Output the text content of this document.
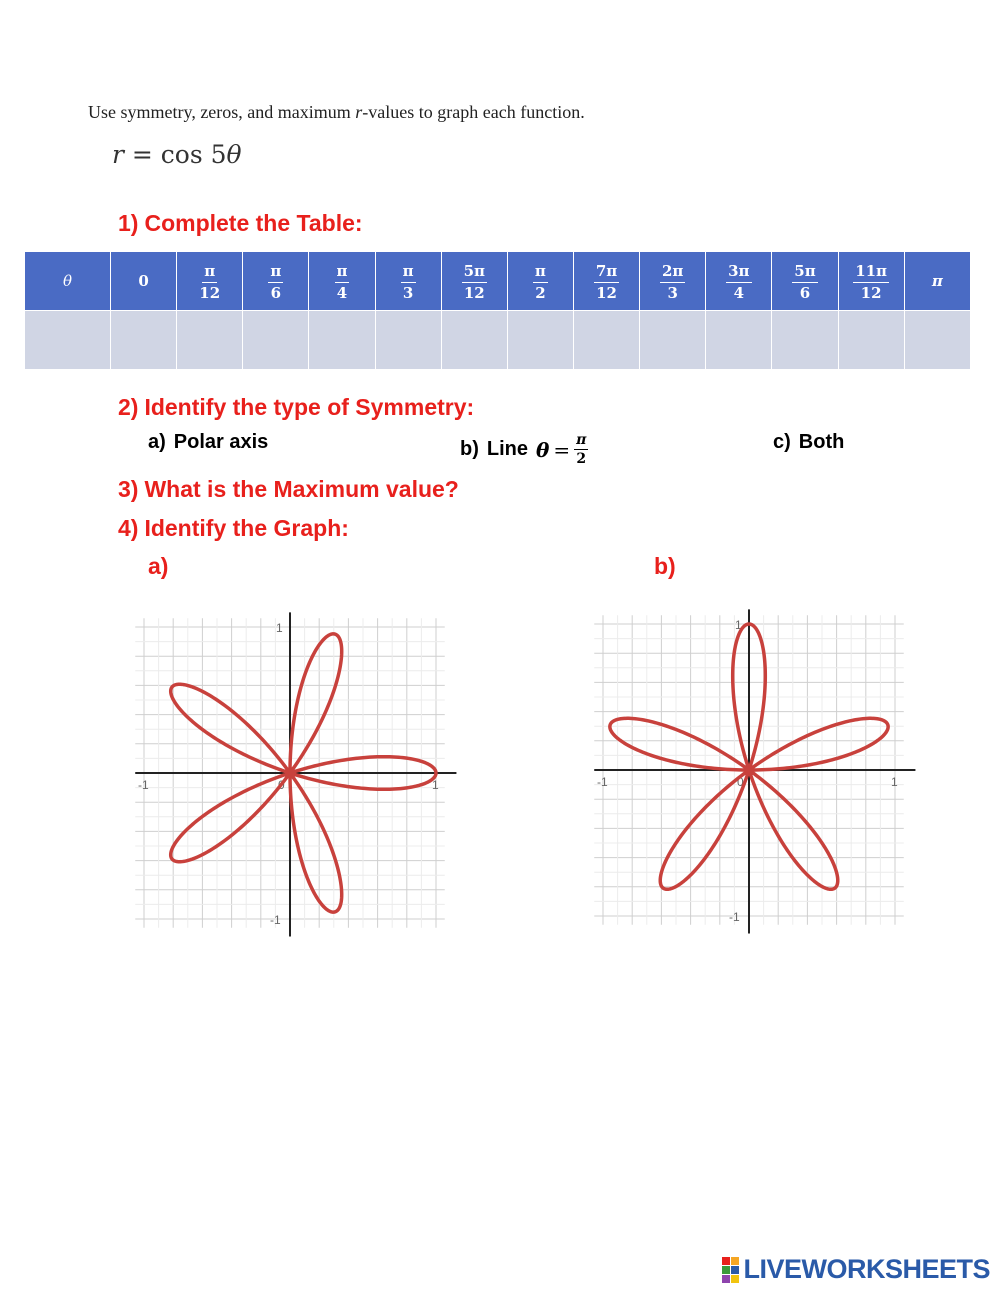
Use symmetry, zeros, and maximum r-values to graph each function.
r = cos 5θ
1) Complete the Table:
θ	0	$\frac{\pi}{12}$	$\frac{\pi}{6}$	$\frac{\pi}{4}$	$\frac{\pi}{3}$	$\frac{5\pi}{12}$	$\frac{\pi}{2}$	$\frac{7\pi}{12}$	$\frac{2\pi}{3}$	$\frac{3\pi}{4}$	$\frac{5\pi}{6}$	$\frac{11\pi}{12}$	π

2) Identify the type of Symmetry:
a) Polar axis	b) Line $\theta = \frac{\pi}{2}$	c) Both
3) What is the Maximum value?
4) Identify the Graph:
a)	b)
-1	0	1
1
-1
-1	0	1
1
-1
LIVEWORKSHEETS
